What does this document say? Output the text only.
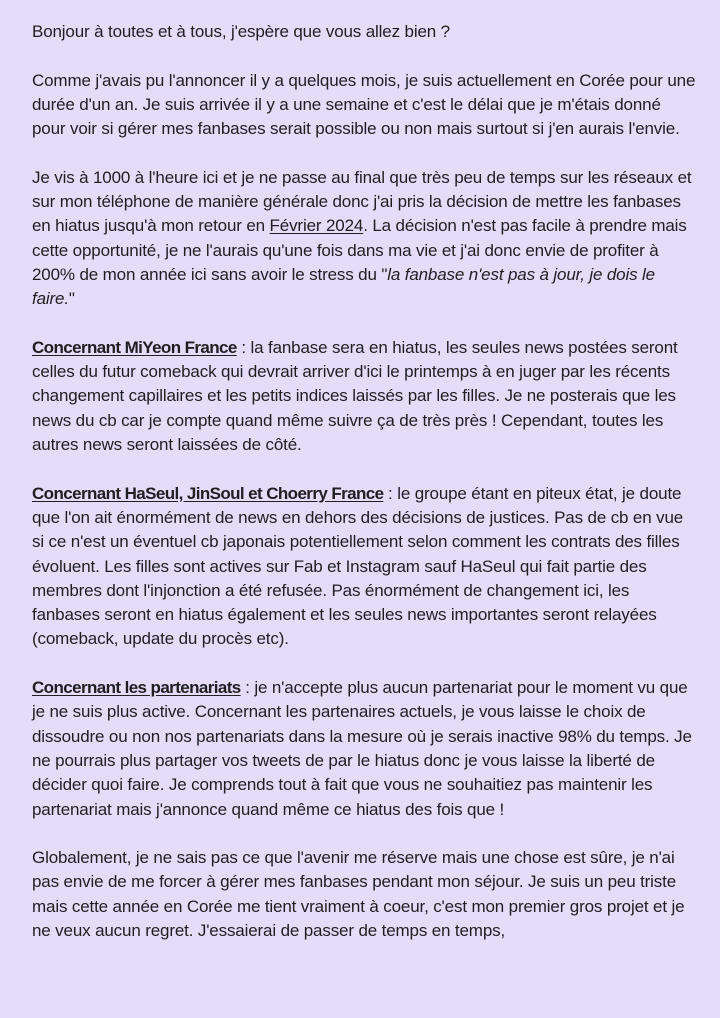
Bonjour à toutes et à tous, j'espère que vous allez bien ?

Comme j'avais pu l'annoncer il y a quelques mois, je suis actuellement en Corée pour une durée d'un an. Je suis arrivée il y a une semaine et c'est le délai que je m'étais donné pour voir si gérer mes fanbases serait possible ou non mais surtout si j'en aurais l'envie.

Je vis à 1000 à l'heure ici et je ne passe au final que très peu de temps sur les réseaux et sur mon téléphone de manière générale donc j'ai pris la décision de mettre les fanbases en hiatus jusqu'à mon retour en Février 2024. La décision n'est pas facile à prendre mais cette opportunité, je ne l'aurais qu'une fois dans ma vie et j'ai donc envie de profiter à 200% de mon année ici sans avoir le stress du "la fanbase n'est pas à jour, je dois le faire."

Concernant MiYeon France : la fanbase sera en hiatus, les seules news postées seront celles du futur comeback qui devrait arriver d'ici le printemps à en juger par les récents changement capillaires et les petits indices laissés par les filles. Je ne posterais que les news du cb car je compte quand même suivre ça de très près ! Cependant, toutes les autres news seront laissées de côté.

Concernant HaSeul, JinSoul et Choerry France : le groupe étant en piteux état, je doute que l'on ait énormément de news en dehors des décisions de justices. Pas de cb en vue si ce n'est un éventuel cb japonais potentiellement selon comment les contrats des filles évoluent. Les filles sont actives sur Fab et Instagram sauf HaSeul qui fait partie des membres dont l'injonction a été refusée. Pas énormément de changement ici, les fanbases seront en hiatus également et les seules news importantes seront relayées (comeback, update du procès etc).

Concernant les partenariats : je n'accepte plus aucun partenariat pour le moment vu que je ne suis plus active. Concernant les partenaires actuels, je vous laisse le choix de dissoudre ou non nos partenariats dans la mesure où je serais inactive 98% du temps. Je ne pourrais plus partager vos tweets de par le hiatus donc je vous laisse la liberté de décider quoi faire. Je comprends tout à fait que vous ne souhaitiez pas maintenir les partenariat mais j'annonce quand même ce hiatus des fois que !

Globalement, je ne sais pas ce que l'avenir me réserve mais une chose est sûre, je n'ai pas envie de me forcer à gérer mes fanbases pendant mon séjour. Je suis un peu triste mais cette année en Corée me tient vraiment à coeur, c'est mon premier gros projet et je ne veux aucun regret. J'essaierai de passer de temps en temps,
